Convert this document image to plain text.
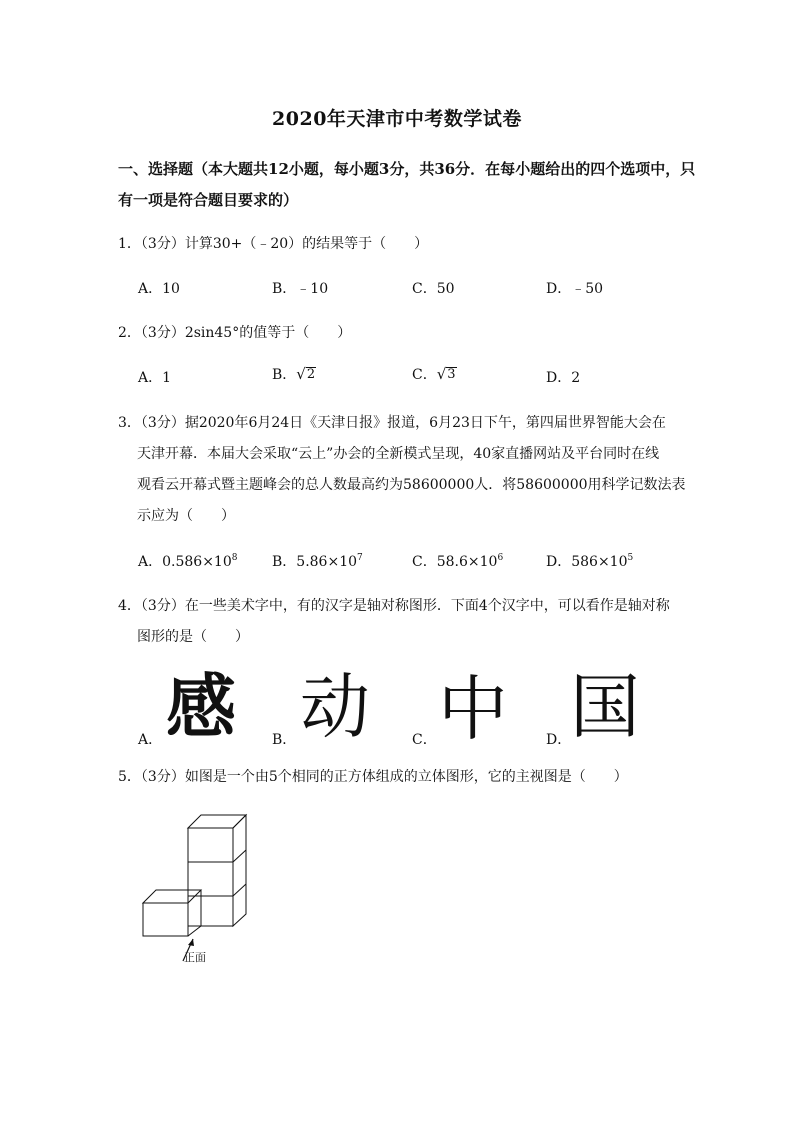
2020年天津市中考数学试卷
一、选择题（本大题共12小题，每小题3分，共36分．在每小题给出的四个选项中，只
有一项是符合题目要求的）
1．（3分）计算30+（﹣20）的结果等于（　　）
A．10	B．﹣10	C．50	D．﹣50
2．（3分）2sin45°的值等于（　　）
A．1	B． √ 2	C． √ 3	D．2
3．（3分）据2020年6月24日《天津日报》报道，6月23日下午，第四届世界智能大会在
天津开幕．本届大会采取“云上”办会的全新模式呈现，40家直播网站及平台同时在线
观看云开幕式暨主题峰会的总人数最高约为58600000人．将58600000用科学记数法表
示应为（　　）
A．$0.586\times 10^8$ B．$5.86\times 10^7$	C．$58.6\times 10^6$	D．$586\times 10^5$
4．（3分）在一些美术字中，有的汉字是轴对称图形．下面4个汉字中，可以看作是轴对称
图形的是（　　）
A． 感	B． 动	C． 中	D．
国
5．（3分）如图是一个由5个相同的正方体组成的立体图形，它的主视图是（　　）
正面
